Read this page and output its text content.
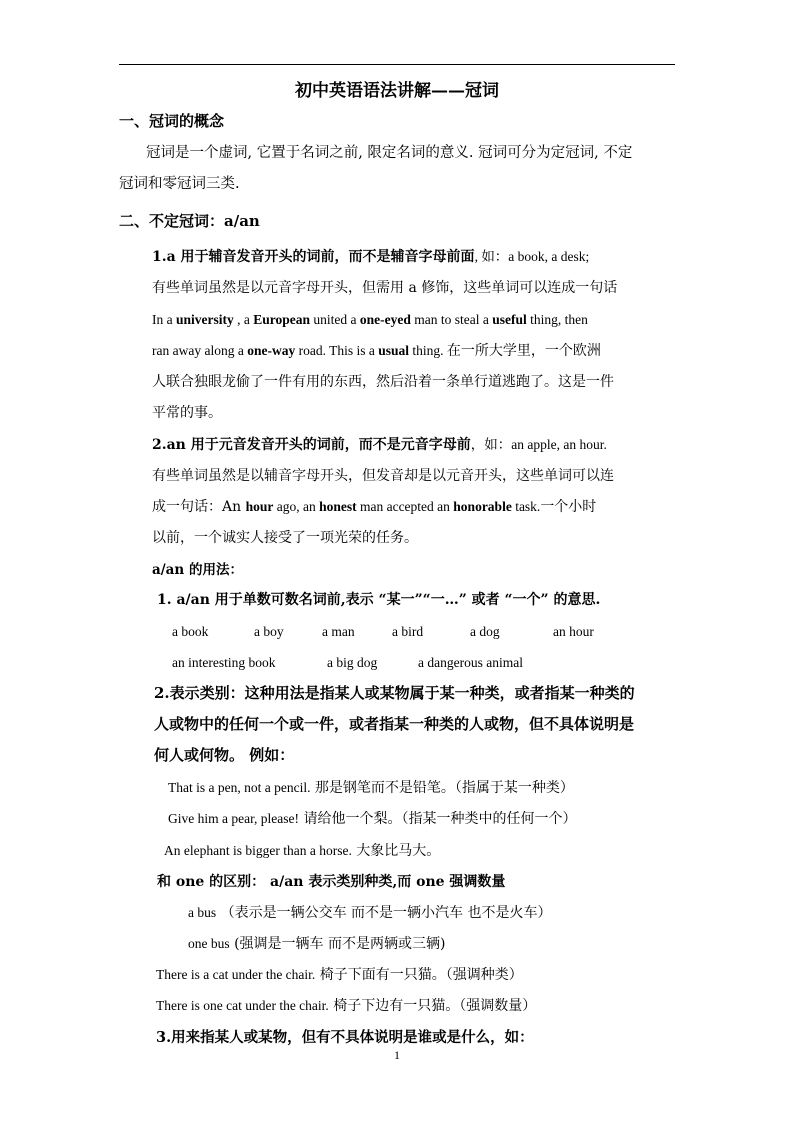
初中英语语法讲解——冠词
一、冠词的概念
冠词是一个虚词, 它置于名词之前, 限定名词的意义. 冠词可分为定冠词, 不定
冠词和零冠词三类.
二、不定冠词：a/an
1.a 用于辅音发音开头的词前，而不是辅音字母前面, 如：a book, a desk;
有些单词虽然是以元音字母开头，但需用 a 修饰，这些单词可以连成一句话
In a university , a European united a one-eyed man to steal a useful thing, then
ran away along a one-way road. This is a usual thing. 在一所大学里，一个欧洲
人联合独眼龙偷了一件有用的东西，然后沿着一条单行道逃跑了。这是一件
平常的事。
2.an 用于元音发音开头的词前，而不是元音字母前，如：an apple, an hour.
有些单词虽然是以辅音字母开头，但发音却是以元音开头，这些单词可以连
成一句话：An hour ago, an honest man accepted an honorable task.一个小时
以前，一个诚实人接受了一项光荣的任务。
a/an 的用法：
1. a/an 用于单数可数名词前,表示 “某一”“一…” 或者 “一个” 的意思.
a book	a boy	a man	a bird	a dog	an hour
an interesting book	a big dog	a dangerous animal
2.表示类别：这种用法是指某人或某物属于某一种类，或者指某一种类的
人或物中的任何一个或一件，或者指某一种类的人或物，但不具体说明是
何人或何物。 例如：
That is a pen, not a pencil. 那是钢笔而不是铅笔。（指属于某一种类）
Give him a pear, please! 请给他一个梨。（指某一种类中的任何一个）
An elephant is bigger than a horse. 大象比马大。
和 one 的区别： a/an 表示类别种类,而 one 强调数量
a bus （表示是一辆公交车 而不是一辆小汽车 也不是火车）
one bus (强调是一辆车 而不是两辆或三辆)
There is a cat under the chair. 椅子下面有一只猫。（强调种类）
There is one cat under the chair. 椅子下边有一只猫。（强调数量）
3.用来指某人或某物，但有不具体说明是谁或是什么，如：
1
